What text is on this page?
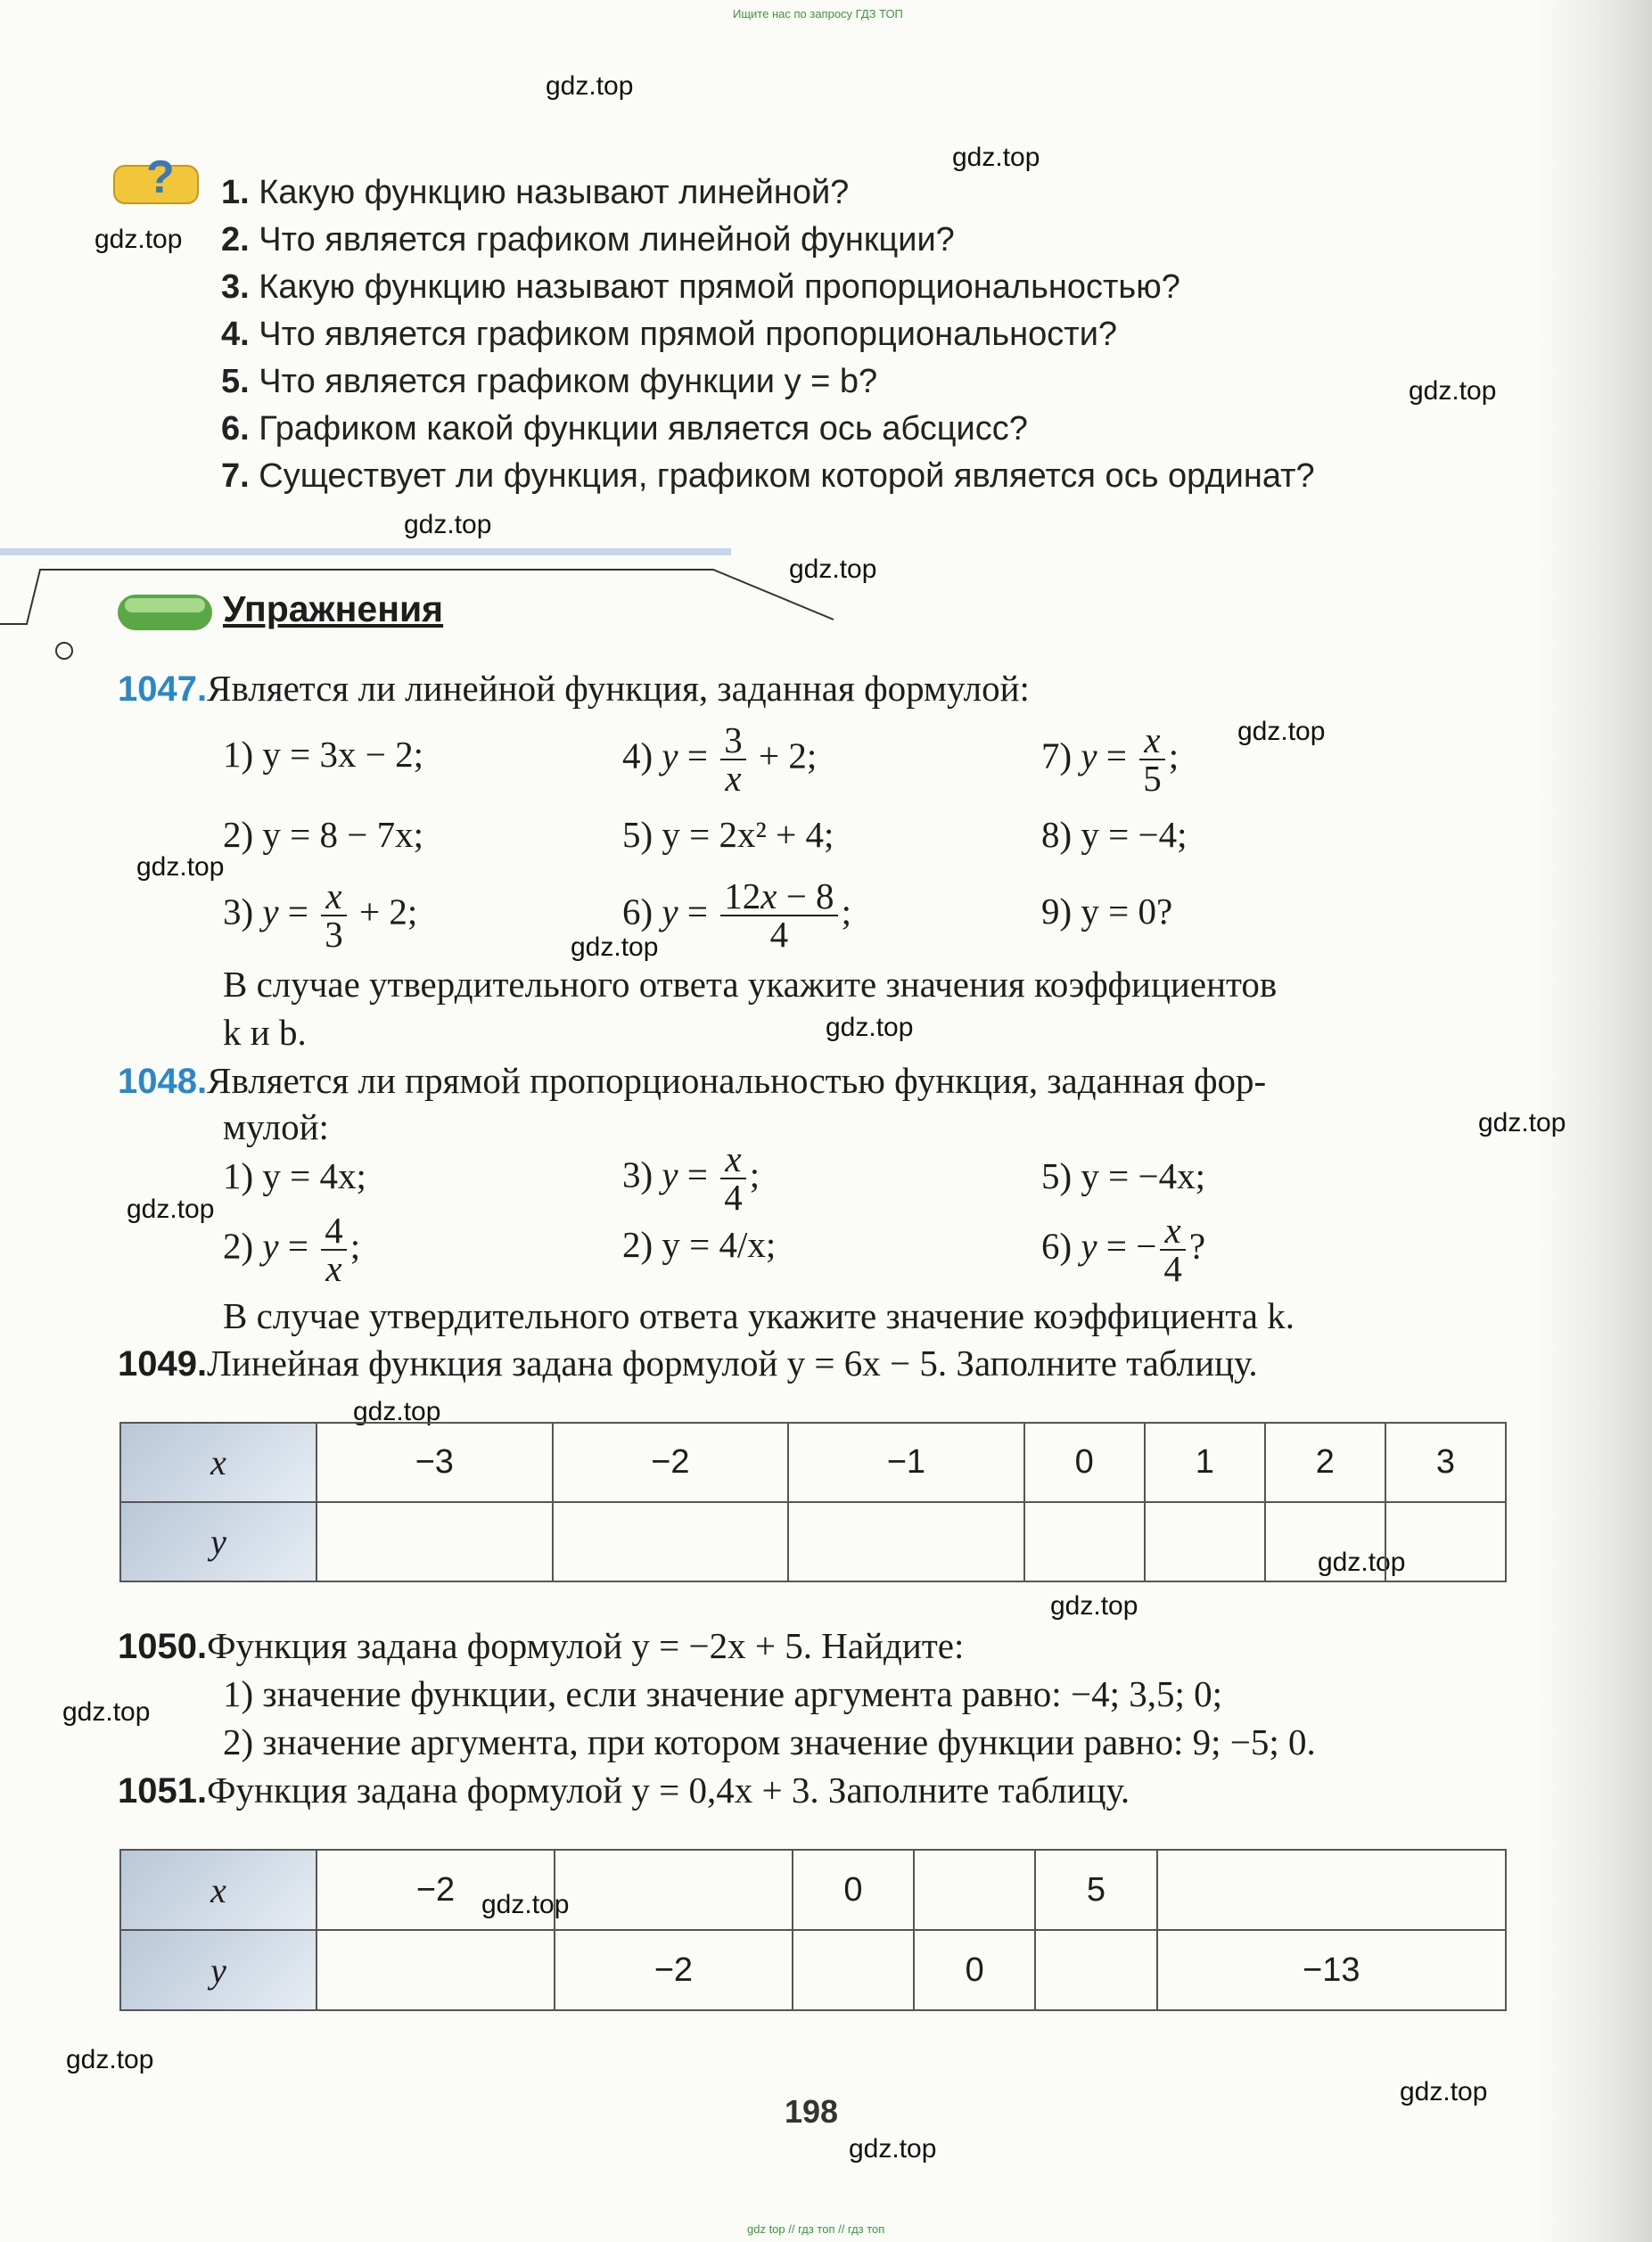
Ищите нас по запросу ГДЗ ТОП
gdz.top
gdz.top
gdz.top
gdz.top
gdz.top
gdz.top
gdz.top
gdz.top
gdz.top
gdz.top
gdz.top
gdz.top
gdz.top
gdz.top
gdz.top
gdz.top
gdz.top
gdz.top
gdz.top
gdz.top
? 1. Какую функцию называют линейной?
2. Что является графиком линейной функции?
3. Какую функцию называют прямой пропорциональностью?
4. Что является графиком прямой пропорциональности?
5. Что является графиком функции y = b?
6. Графиком какой функции является ось абсцисс?
7. Существует ли функция, графиком которой является ось ординат?
Упражнения
1047.Является ли линейной функция, заданная формулой:
1) y = 3x − 2;	4) $y = \frac{3}{x} + 2$;	7) $y = \frac{x}{5}$ ;
2) y = 8 − 7x;	5) y = 2x² + 4;	8) y = −4;
3) $y = \frac{x}{3} + 2$;	6) $y = \frac{12x - 8}{4}$ ;	9) y = 0?
В случае утвердительного ответа укажите значения коэффициентов
k и b.
1048.Является ли прямой пропорциональностью функция, заданная фор-
мулой:
1) y = 4x;	3) $y = \frac{x}{4}$ ;	5) y = −4x;
2) $y = \frac{4}{x}$ ;	2) y = 4/x;	6) y = − $\frac{x}{4}$ ?
В случае утвердительного ответа укажите значение коэффициента k.
1049.Линейная функция задана формулой y = 6x − 5. Заполните таблицу.
x	−3	−2	−1	0	1	2	3
y							
1050.Функция задана формулой y = −2x + 5. Найдите:
1) значение функции, если значение аргумента равно: −4; 3,5; 0;
2) значение аргумента, при котором значение функции равно: 9; −5; 0.
1051.Функция задана формулой y = 0,4x + 3. Заполните таблицу.
x	−2		0		5	
y		−2		0		−13
198
gdz top // гдз топ // гдз топ
